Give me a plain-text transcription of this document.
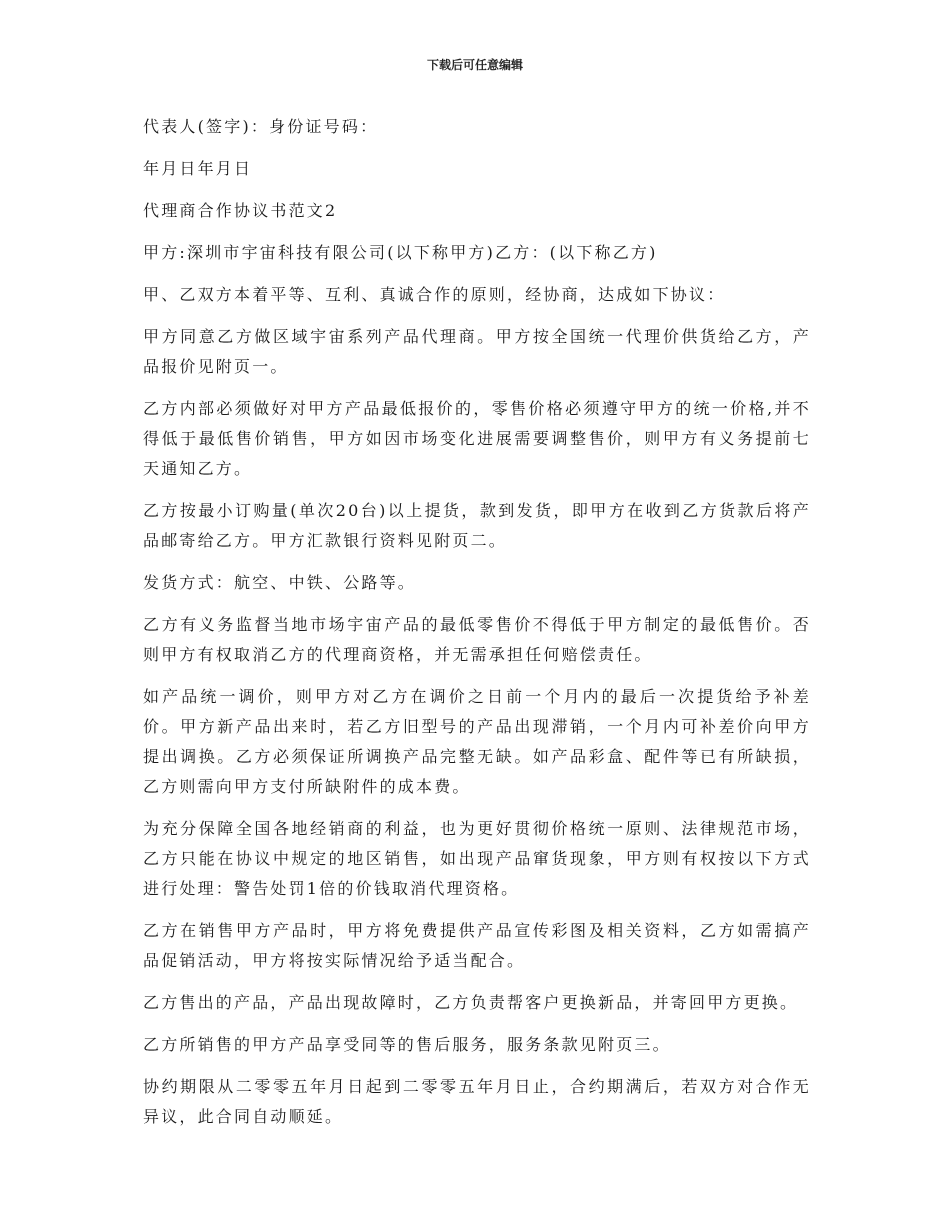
下载后可任意编辑

代表人(签字)：身份证号码：

年月日年月日

代理商合作协议书范文2

甲方:深圳市宇宙科技有限公司(以下称甲方)乙方：(以下称乙方)

甲、乙双方本着平等、互利、真诚合作的原则，经协商，达成如下协议：

甲方同意乙方做区域宇宙系列产品代理商。甲方按全国统一代理价供货给乙方，产品报价见附页一。

乙方内部必须做好对甲方产品最低报价的，零售价格必须遵守甲方的统一价格,并不得低于最低售价销售，甲方如因市场变化进展需要调整售价，则甲方有义务提前七天通知乙方。

乙方按最小订购量(单次20台)以上提货，款到发货，即甲方在收到乙方货款后将产品邮寄给乙方。甲方汇款银行资料见附页二。

发货方式：航空、中铁、公路等。

乙方有义务监督当地市场宇宙产品的最低零售价不得低于甲方制定的最低售价。否则甲方有权取消乙方的代理商资格，并无需承担任何赔偿责任。

如产品统一调价，则甲方对乙方在调价之日前一个月内的最后一次提货给予补差价。甲方新产品出来时，若乙方旧型号的产品出现滞销，一个月内可补差价向甲方提出调换。乙方必须保证所调换产品完整无缺。如产品彩盒、配件等已有所缺损，乙方则需向甲方支付所缺附件的成本费。

为充分保障全国各地经销商的利益，也为更好贯彻价格统一原则、法律规范市场，乙方只能在协议中规定的地区销售，如出现产品窜货现象，甲方则有权按以下方式进行处理：警告处罚1倍的价钱取消代理资格。

乙方在销售甲方产品时，甲方将免费提供产品宣传彩图及相关资料，乙方如需搞产品促销活动，甲方将按实际情况给予适当配合。

乙方售出的产品，产品出现故障时，乙方负责帮客户更换新品，并寄回甲方更换。

乙方所销售的甲方产品享受同等的售后服务，服务条款见附页三。

协约期限从二零零五年月日起到二零零五年月日止，合约期满后，若双方对合作无异议，此合同自动顺延。
